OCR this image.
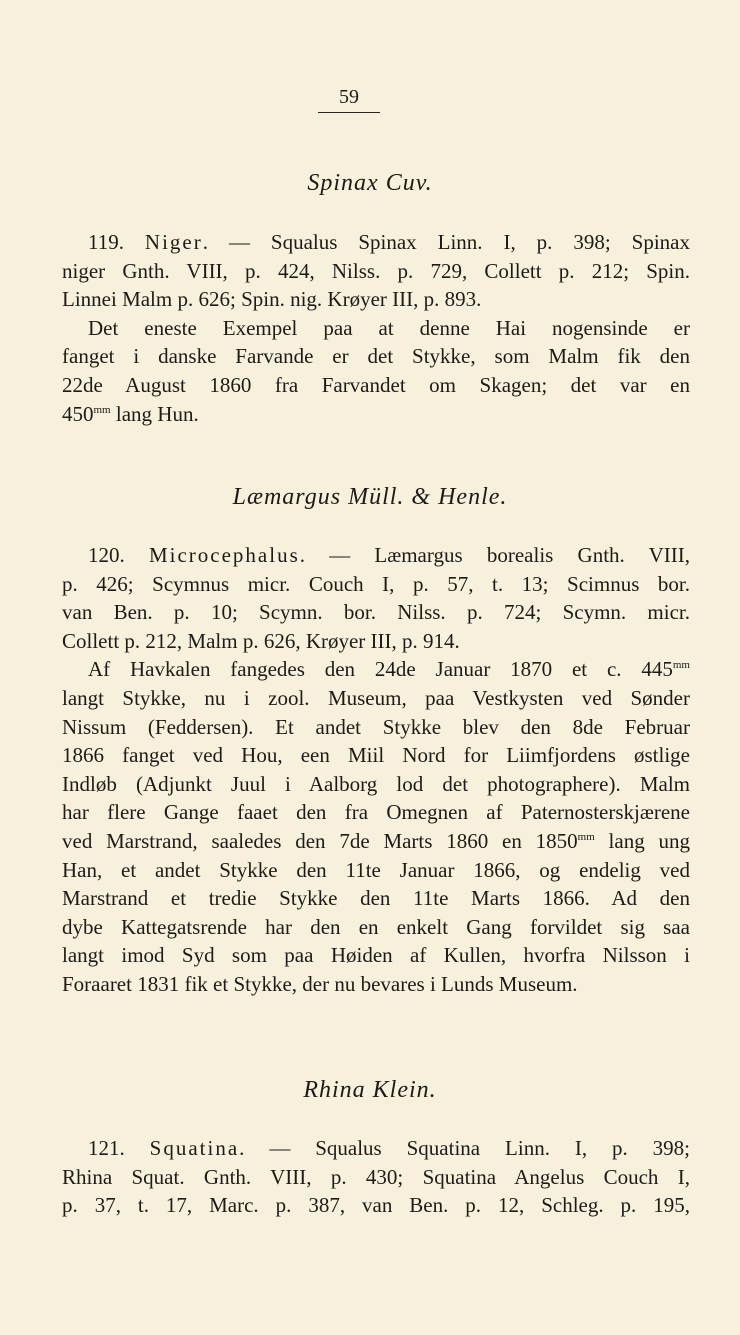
59
Spinax Cuv.
119. Niger. — Squalus Spinax Linn. I, p. 398; Spinax
niger Gnth. VIII, p. 424, Nilss. p. 729, Collett p. 212; Spin.
Linnei Malm p. 626; Spin. nig. Krøyer III, p. 893.
Det eneste Exempel paa at denne Hai nogensinde er
fanget i danske Farvande er det Stykke, som Malm fik den
22de August 1860 fra Farvandet om Skagen; det var en
$450^{mm}$ lang Hun.
Læmargus Müll. & Henle.
120. Microcephalus. — Læmargus borealis Gnth. VIII,
p. 426; Scymnus micr. Couch I, p. 57, t. 13; Scimnus bor.
van Ben. p. 10; Scymn. bor. Nilss. p. 724; Scymn. micr.
Collett p. 212, Malm p. 626, Krøyer III, p. 914.
Af Havkalen fangedes den 24de Januar 1870 et c. $445^{mm}$
langt Stykke, nu i zool. Museum, paa Vestkysten ved Sønder
Nissum (Feddersen). Et andet Stykke blev den 8de Februar
1866 fanget ved Hou, een Miil Nord for Liimfjordens østlige
Indløb (Adjunkt Juul i Aalborg lod det photographere). Malm
har flere Gange faaet den fra Omegnen af Paternosterskjærene
ved Marstrand, saaledes den 7de Marts 1860 en $1850^{mm}$ lang ung
Han, et andet Stykke den 11te Januar 1866, og endelig ved
Marstrand et tredie Stykke den 11te Marts 1866. Ad den
dybe Kattegatsrende har den en enkelt Gang forvildet sig saa
langt imod Syd som paa Høiden af Kullen, hvorfra Nilsson i
Foraaret 1831 fik et Stykke, der nu bevares i Lunds Museum.
Rhina Klein.
121. Squatina. — Squalus Squatina Linn. I, p. 398;
Rhina Squat. Gnth. VIII, p. 430; Squatina Angelus Couch I,
p. 37, t. 17, Marc. p. 387, van Ben. p. 12, Schleg. p. 195,
